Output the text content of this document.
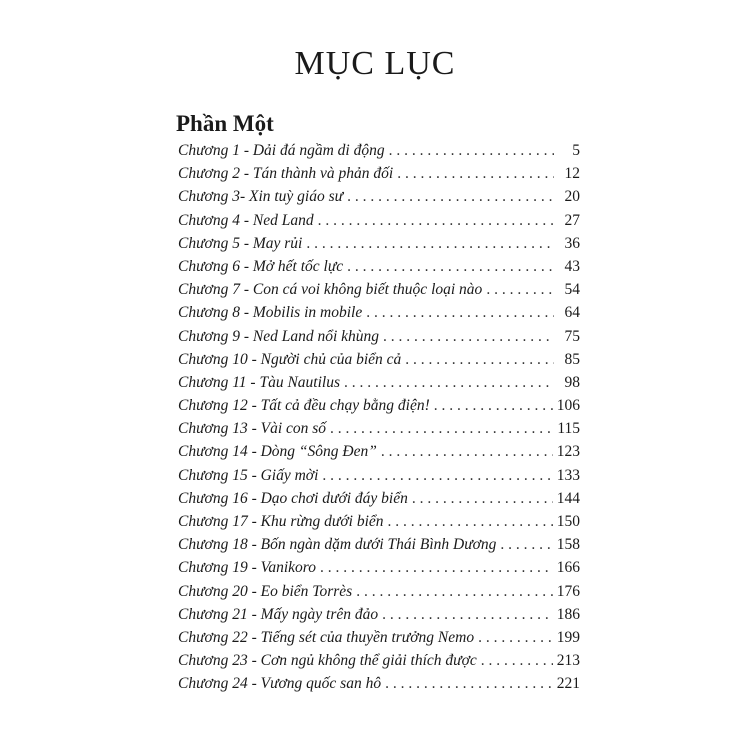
MỤC LỤC
Phần Một
Chương 1 - Dải đá ngầm di động . . .	5
Chương 2 - Tán thành và phản đối . . .	12
Chương 3- Xin tuỳ giáo sư . . .	20
Chương 4 - Ned Land . . .	27
Chương 5 - May rủi . . .	36
Chương 6 - Mở hết tốc lực . . .	43
Chương 7 - Con cá voi không biết thuộc loại nào . . .	54
Chương 8 - Mobilis in mobile . . .	64
Chương 9 - Ned Land nổi khùng . . .	75
Chương 10 - Người chủ của biển cả . . .	85
Chương 11 - Tàu Nautilus . . .	98
Chương 12 - Tất cả đều chạy bằng điện! . . .	106
Chương 13 - Vài con số . . .	115
Chương 14 - Dòng “Sông Đen” . . .	123
Chương 15 - Giấy mời . . .	133
Chương 16 - Dạo chơi dưới đáy biển . . .	144
Chương 17 - Khu rừng dưới biển . . .	150
Chương 18 - Bốn ngàn dặm dưới Thái Bình Dương . . .	158
Chương 19 - Vanikoro . . .	166
Chương 20 - Eo biển Torrès . . .	176
Chương 21 - Mấy ngày trên đảo . . .	186
Chương 22 - Tiếng sét của thuyền trưởng Nemo . . .	199
Chương 23 - Cơn ngủ không thể giải thích được . . .	213
Chương 24 - Vương quốc san hô . . .	221
